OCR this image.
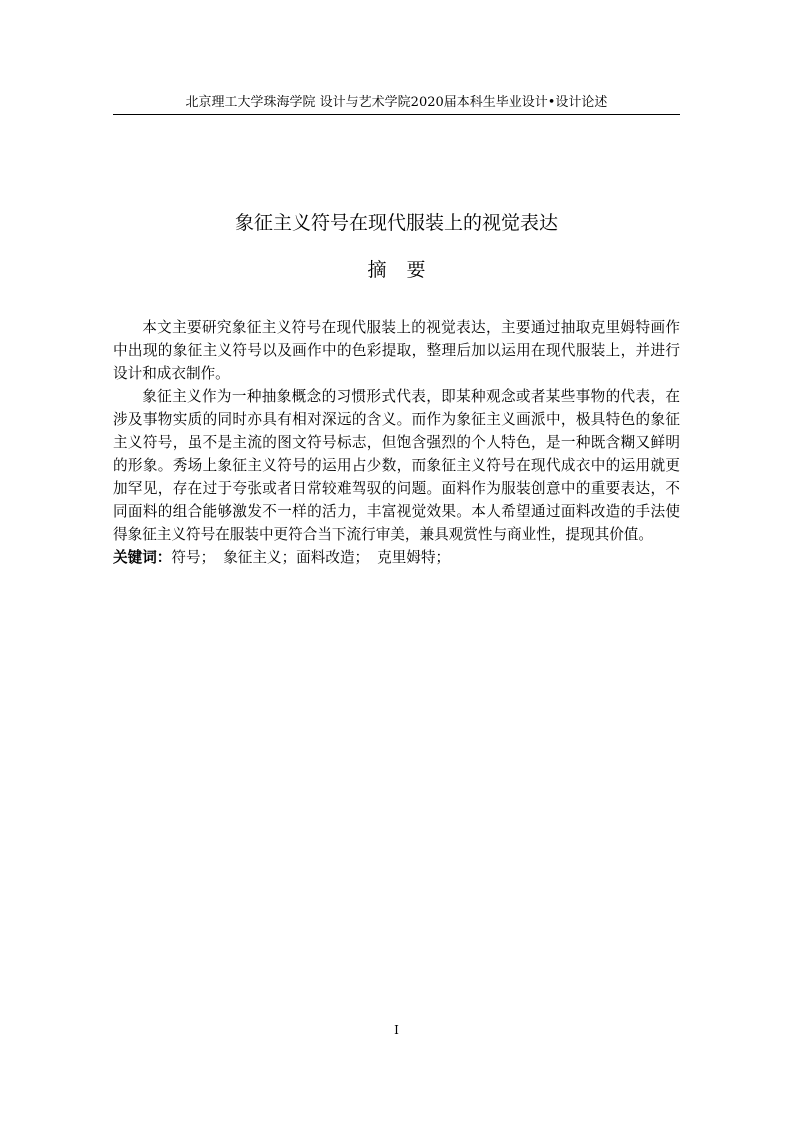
北京理工大学珠海学院 设计与艺术学院2020届本科生毕业设计•设计论述
象征主义符号在现代服装上的视觉表达
摘要

本文主要研究象征主义符号在现代服装上的视觉表达，主要通过抽取克里姆特画作中出现的象征主义符号以及画作中的色彩提取，整理后加以运用在现代服装上，并进行设计和成衣制作。

象征主义作为一种抽象概念的习惯形式代表，即某种观念或者某些事物的代表，在涉及事物实质的同时亦具有相对深远的含义。而作为象征主义画派中，极具特色的象征主义符号，虽不是主流的图文符号标志，但饱含强烈的个人特色，是一种既含糊又鲜明的形象。秀场上象征主义符号的运用占少数，而象征主义符号在现代成衣中的运用就更加罕见，存在过于夸张或者日常较难驾驭的问题。面料作为服装创意中的重要表达，不同面料的组合能够激发不一样的活力，丰富视觉效果。本人希望通过面料改造的手法使得象征主义符号在服装中更符合当下流行审美，兼具观赏性与商业性，提现其价值。

关键词：符号； 象征主义；面料改造； 克里姆特；

I
